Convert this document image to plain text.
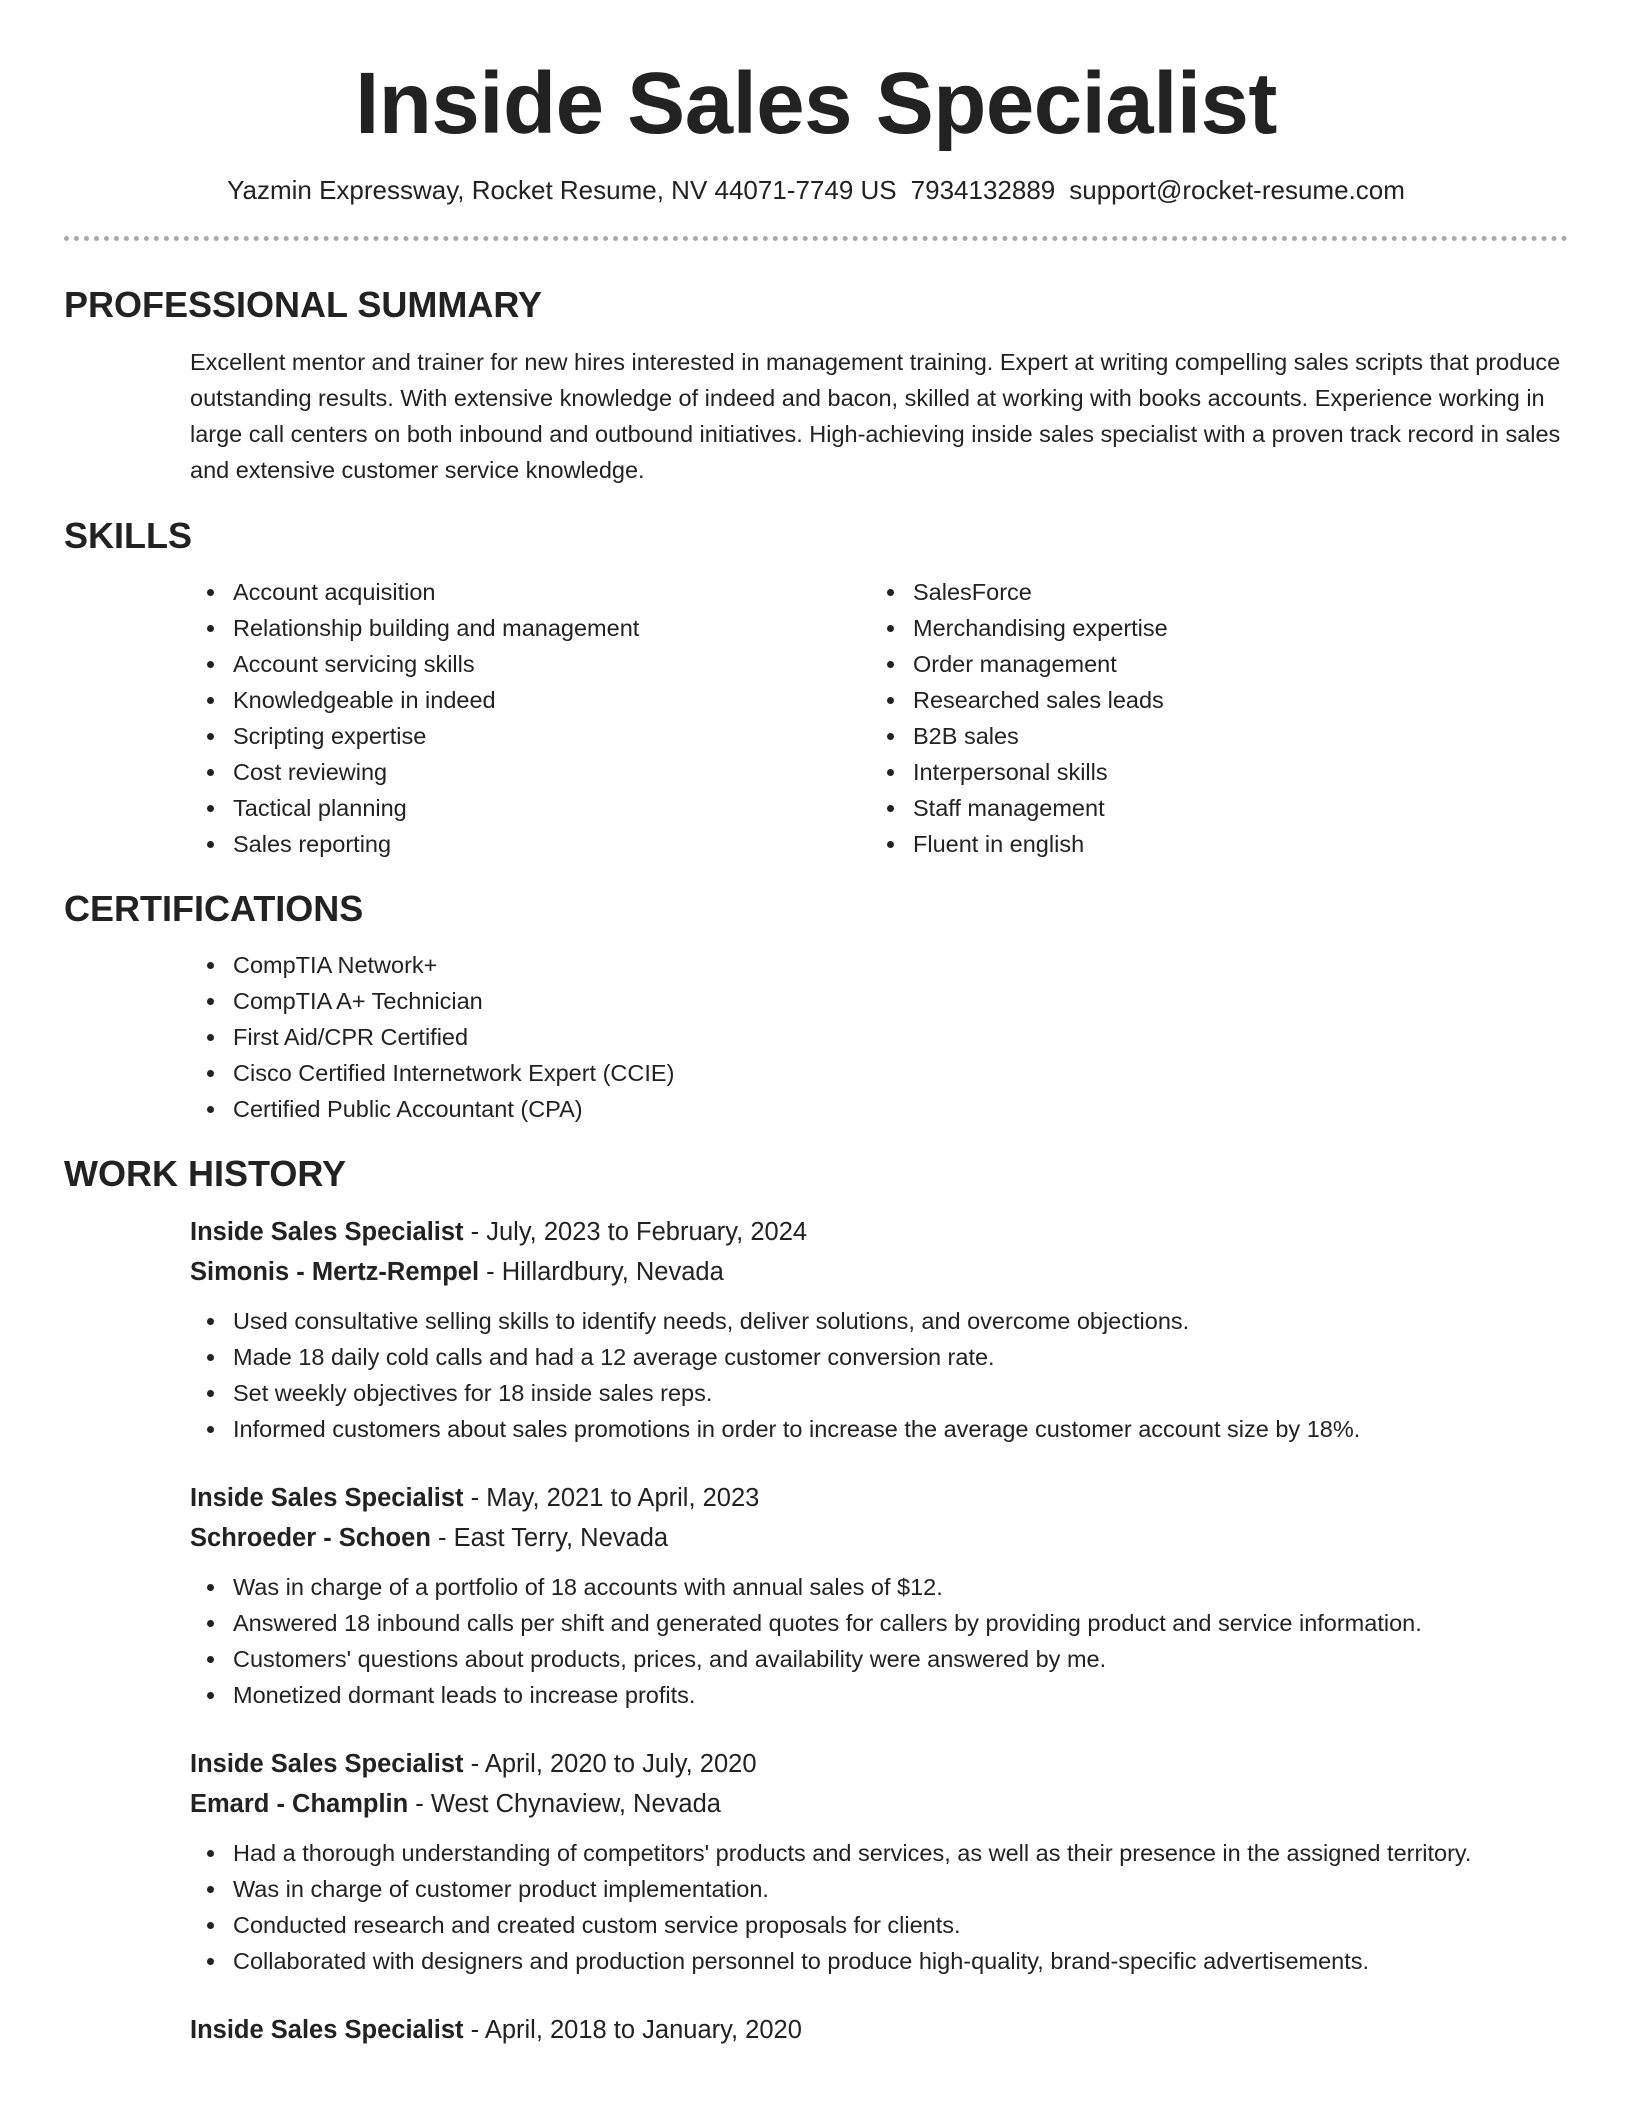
Inside Sales Specialist
Yazmin Expressway, Rocket Resume, NV 44071-7749 US 7934132889 support@rocket-resume.com
PROFESSIONAL SUMMARY

Excellent mentor and trainer for new hires interested in management training. Expert at writing compelling sales scripts that produce outstanding results. With extensive knowledge of indeed and bacon, skilled at working with books accounts. Experience working in large call centers on both inbound and outbound initiatives. High-achieving inside sales specialist with a proven track record in sales and extensive customer service knowledge.

SKILLS
Account acquisition
Relationship building and management
Account servicing skills
Knowledgeable in indeed
Scripting expertise
Cost reviewing
Tactical planning
Sales reporting
SalesForce
Merchandising expertise
Order management
Researched sales leads
B2B sales
Interpersonal skills
Staff management
Fluent in english
CERTIFICATIONS
CompTIA Network+
CompTIA A+ Technician
First Aid/CPR Certified
Cisco Certified Internetwork Expert (CCIE)
Certified Public Accountant (CPA)
WORK HISTORY
Inside Sales Specialist - July, 2023 to February, 2024
Simonis - Mertz-Rempel - Hillardbury, Nevada
Used consultative selling skills to identify needs, deliver solutions, and overcome objections.
Made 18 daily cold calls and had a 12 average customer conversion rate.
Set weekly objectives for 18 inside sales reps.
Informed customers about sales promotions in order to increase the average customer account size by 18%.
Inside Sales Specialist - May, 2021 to April, 2023
Schroeder - Schoen - East Terry, Nevada
Was in charge of a portfolio of 18 accounts with annual sales of $12.
Answered 18 inbound calls per shift and generated quotes for callers by providing product and service information.
Customers' questions about products, prices, and availability were answered by me.
Monetized dormant leads to increase profits.
Inside Sales Specialist - April, 2020 to July, 2020
Emard - Champlin - West Chynaview, Nevada
Had a thorough understanding of competitors' products and services, as well as their presence in the assigned territory.
Was in charge of customer product implementation.
Conducted research and created custom service proposals for clients.
Collaborated with designers and production personnel to produce high-quality, brand-specific advertisements.
Inside Sales Specialist - April, 2018 to January, 2020
